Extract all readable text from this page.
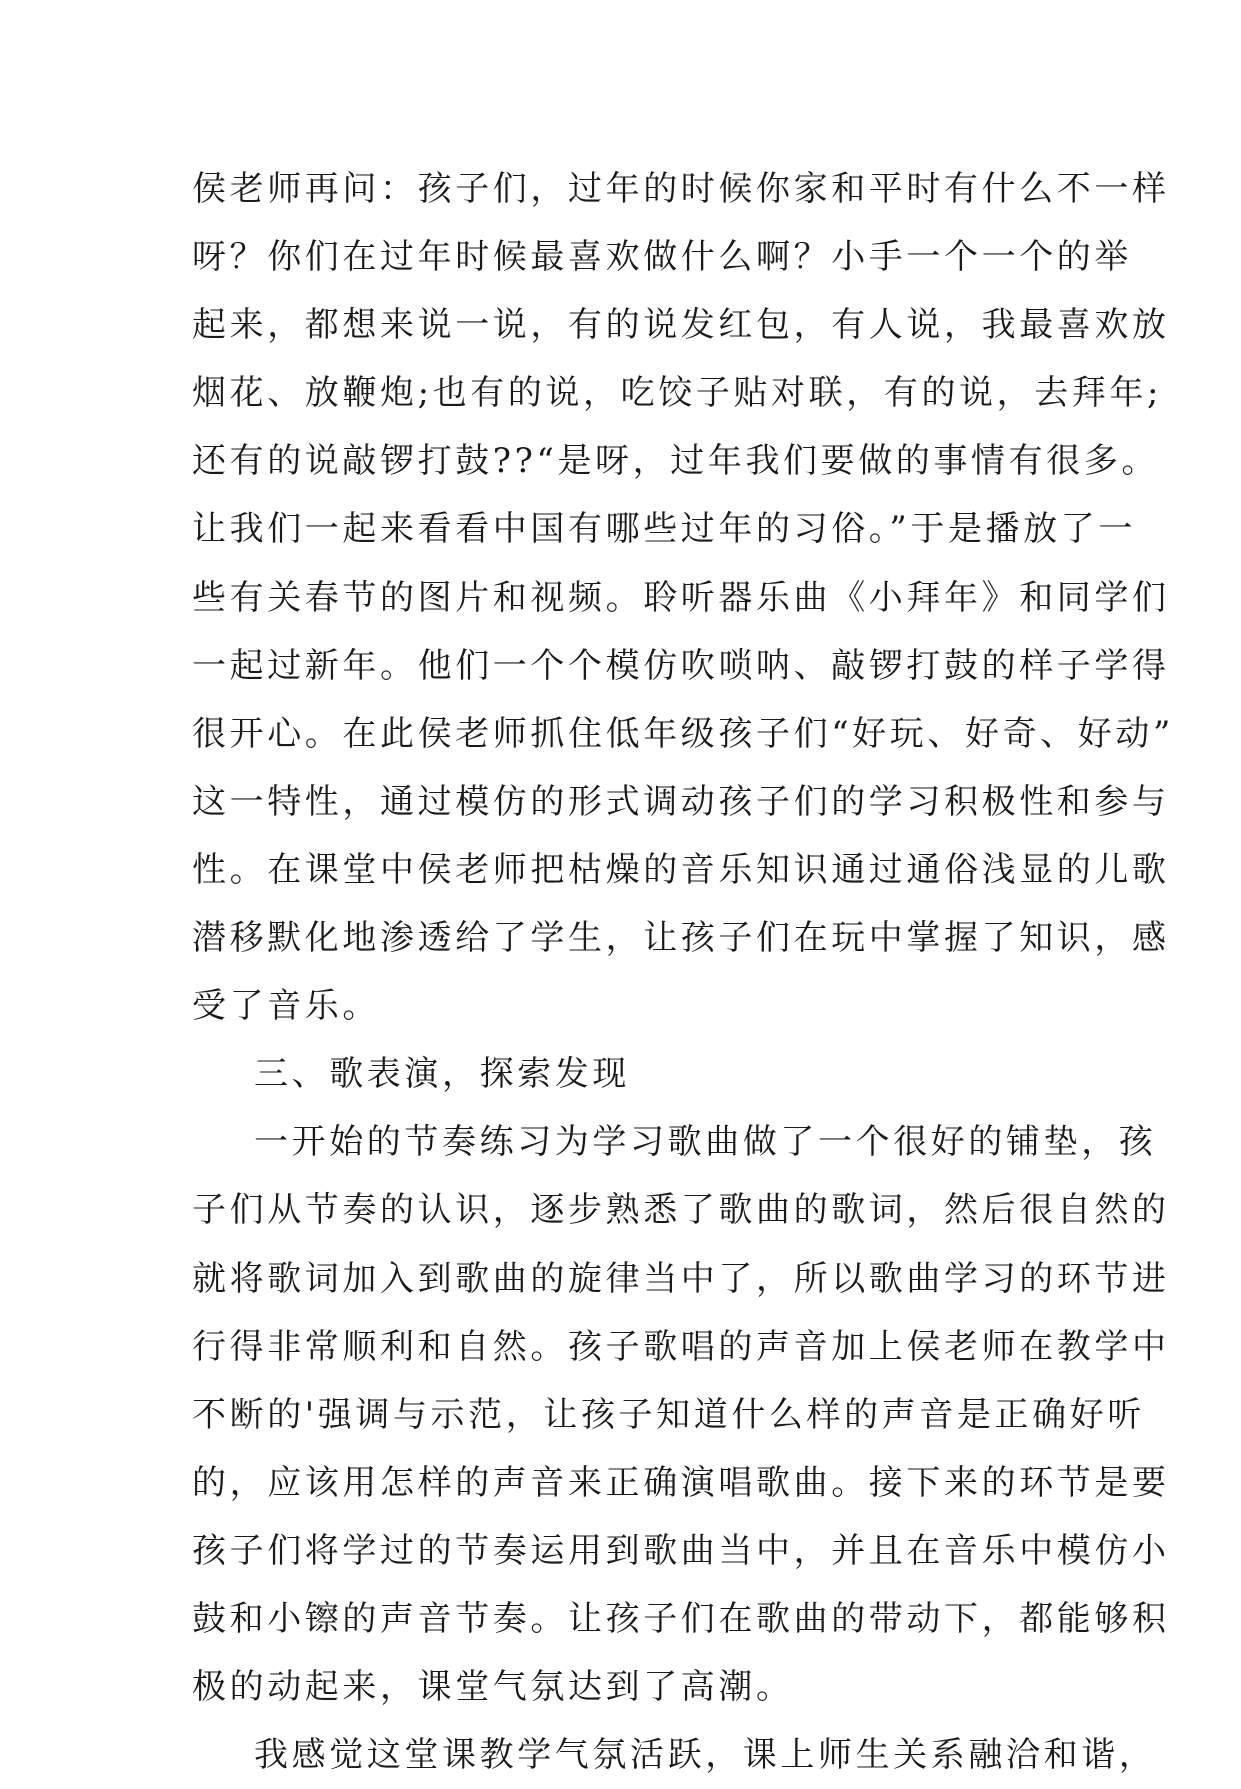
侯老师再问：孩子们，过年的时候你家和平时有什么不一样
呀？你们在过年时候最喜欢做什么啊？小手一个一个的举
起来，都想来说一说，有的说发红包，有人说，我最喜欢放
烟花、放鞭炮;也有的说，吃饺子贴对联，有的说，去拜年;
还有的说敲锣打鼓??“是呀，过年我们要做的事情有很多。
让我们一起来看看中国有哪些过年的习俗。”于是播放了一
些有关春节的图片和视频。聆听器乐曲《小拜年》和同学们
一起过新年。他们一个个模仿吹唢呐、敲锣打鼓的样子学得
很开心。在此侯老师抓住低年级孩子们“好玩、好奇、好动”
这一特性，通过模仿的形式调动孩子们的学习积极性和参与
性。在课堂中侯老师把枯燥的音乐知识通过通俗浅显的儿歌
潜移默化地渗透给了学生，让孩子们在玩中掌握了知识，感
受了音乐。
三、歌表演，探索发现
一开始的节奏练习为学习歌曲做了一个很好的铺垫，孩
子们从节奏的认识，逐步熟悉了歌曲的歌词，然后很自然的
就将歌词加入到歌曲的旋律当中了，所以歌曲学习的环节进
行得非常顺利和自然。孩子歌唱的声音加上侯老师在教学中
不断的'强调与示范，让孩子知道什么样的声音是正确好听
的，应该用怎样的声音来正确演唱歌曲。接下来的环节是要
孩子们将学过的节奏运用到歌曲当中，并且在音乐中模仿小
鼓和小镲的声音节奏。让孩子们在歌曲的带动下，都能够积
极的动起来，课堂气氛达到了高潮。
我感觉这堂课教学气氛活跃，课上师生关系融洽和谐，
